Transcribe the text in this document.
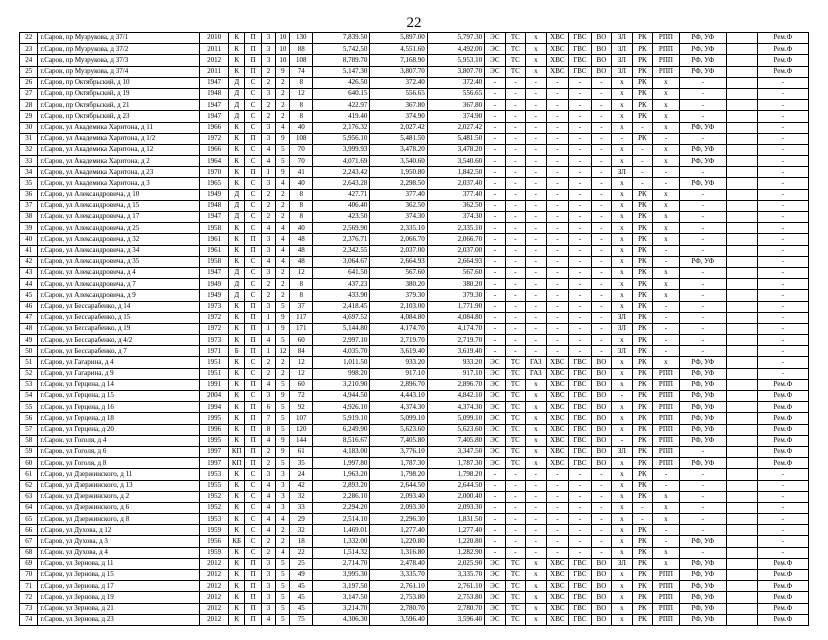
22
22	г.Саров, пр Музрукова, д 37/1	2010	К	П	3	10	130	7,839.50	5,897.00	5,797.30	ЭС	ТС	х	ХВС	ГВС	ВО	ЗЛ	РК	РПП	РФ, УФ		Рем.Ф
23	г.Саров, пр Музрукова, д 37/2	2011	К	П	3	10	88	5,742.50	4,551.60	4,492.00	ЭС	ТС	х	ХВС	ГВС	ВО	ЗЛ	РК	РПП	РФ, УФ		Рем.Ф
24	г.Саров, пр Музрукова, д 37/3	2012	К	П	3	10	108	8,789.70	7,168.90	5,953.10	ЭС	ТС	х	ХВС	ГВС	ВО	ЗЛ	РК	РПП	РФ, УФ		Рем.Ф
25	г.Саров, пр Музрукова, д 37/4	2011	К	П	2	9	74	5,147.30	3,807.70	3,807.70	ЭС	ТС	х	ХВС	ГВС	ВО	ЗЛ	РК	РПП	РФ, УФ		Рем.Ф
26	г.Саров, пр Октябрьский, д 10	1947	Д	С	2	2	8	426.50	372.40	372.40	-	-	-	-	-	-	х	РК	х	-		-
27	г.Саров, пр Октябрьский, д 19	1948	Д	С	3	2	12	640.15	556.65	556.65	-	-	-	-	-	-	х	РК	х	-		-
28	г.Саров, пр Октябрьский, д 21	1947	Д	С	2	2	8	422.97	367.80	367.80	-	-	-	-	-	-	х	РК	х	-		-
29	г.Саров, пр Октябрьский, д 23	1947	Д	С	2	2	8	419.40	374.90	374.90	-	-	-	-	-	-	х	РК	х	-		-
30	г.Саров, ул Академика Харитона, д 11	1966	К	С	3	4	40	2,176.32	2,027.42	2,027.42	-	-	-	-	-	-	х	-	х	РФ, УФ		-
31	г.Саров, ул Академика Харитона, д 1/2	1972	К	П	3	9	108	5,956.10	5,481.50	5,481.50	-	-	-	-	-	-	-	РК	-	-		-
32	г.Саров, ул Академика Харитона, д 12	1966	К	С	4	5	70	3,999.93	3,478.20	3,478.20	-	-	-	-	-	-	х	-	х	РФ, УФ		-
33	г.Саров, ул Академика Харитона, д 2	1964	К	С	4	5	70	4,071.69	3,540.60	3,540.60	-	-	-	-	-	-	х	-	х	РФ, УФ		-
34	г.Саров, ул Академика Харитона, д 23	1970	К	П	1	9	41	2,243.42	1,950.80	1,842.50	-	-	-	-	-	-	ЗЛ	-	-	-		-
35	г.Саров, ул Академика Харитона, д 3	1965	К	С	3	4	40	2,643.28	2,298.50	2,037.40	-	-	-	-	-	-	х	-	-	РФ, УФ		-
36	г.Саров, ул Александровича, д 10	1949	Д	С	2	2	8	427.71	377.40	377.40	-	-	-	-	-	-	х	РК	х	-		-
37	г.Саров, ул Александровича, д 15	1948	Д	С	2	2	8	406.40	362.50	362.50	-	-	-	-	-	-	х	РК	х	-		-
38	г.Саров, ул Александровича, д 17	1947	Д	С	2	2	8	423.50	374.30	374.30	-	-	-	-	-	-	х	РК	х	-		-
39	г.Саров, ул Александровича, д 25	1958	К	С	4	4	40	2,569.90	2,335.10	2,335.10	-	-	-	-	-	-	х	РК	х	-		-
40	г.Саров, ул Александровича, д 32	1961	К	П	3	4	48	2,376.71	2,066.70	2,066.70	-	-	-	-	-	-	х	РК	х	-		-
41	г.Саров, ул Александровича, д 34	1961	К	П	3	4	48	2,342.55	2,037.00	2,037.00	-	-	-	-	-	-	х	РК	-	-		-
42	г.Саров, ул Александровича, д 35	1958	К	С	4	4	48	3,064.67	2,664.93	2,664.93	-	-	-	-	-	-	х	РК	-	РФ, УФ		-
43	г.Саров, ул Александровича, д 4	1947	Д	С	3	2	12	641.50	567.60	567.60	-	-	-	-	-	-	х	РК	х	-		-
44	г.Саров, ул Александровича, д 7	1949	Д	С	2	2	8	437.23	380.20	380.20	-	-	-	-	-	-	х	РК	х	-		-
45	г.Саров, ул Александровича, д 9	1949	Д	С	2	2	8	433.90	379.30	379.30	-	-	-	-	-	-	х	РК	х	-		-
46	г.Саров, ул Бессарабенко, д 14	1973	К	П	3	5	37	2,418.45	2,103.00	1,771.90	-	-	-	-	-	-	х	РК	-	-		-
47	г.Саров, ул Бессарабенко, д 15	1972	К	П	1	9	117	4,697.52	4,084.80	4,084.80	-	-	-	-	-	-	ЗЛ	РК	-	-		-
48	г.Саров, ул Бессарабенко, д 19	1972	К	П	1	9	171	5,144.80	4,174.70	4,174.70	-	-	-	-	-	-	ЗЛ	РК	-	-		-
49	г.Саров, ул Бессарабенко, д 4/2	1973	К	П	4	5	60	2,997.10	2,719.70	2,719.70	-	-	-	-	-	-	х	РК	-	-		-
50	г.Саров, ул Бессарабенко, д 7	1971	Б	П	1	12	84	4,035.70	3,619.40	3,619.40	-	-	-	-	-	-	ЗЛ	РК	-	-		-
51	г.Саров, ул Гагарина, д 4	1951	К	С	2	2	12	1,011.50	933.20	933.20	ЭС	ТС	ГАЗ	ХВС	ГВС	ВО	х	РК	х	РФ, УФ		-
52	г.Саров, ул Гагарина, д 9	1951	К	С	2	2	12	998.20	917.10	917.10	ЭС	ТС	ГАЗ	ХВС	ГВС	ВО	х	РК	РПП	РФ, УФ		-
53	г.Саров, ул Герцена, д 14	1991	К	П	4	5	60	3,210.90	2,896.70	2,896.70	ЭС	ТС	х	ХВС	ГВС	ВО	х	РК	РПП	РФ, УФ		Рем.Ф
54	г.Саров, ул Герцена, д 15	2004	К	С	3	9	72	4,944.50	4,443.10	4,842.10	ЭС	ТС	х	ХВС	ГВС	ВО	-	РК	РПП	РФ, УФ		Рем.Ф
55	г.Саров, ул Герцена, д 16	1994	К	П	6	5	92	4,926.10	4,374.30	4,374.30	ЭС	ТС	х	ХВС	ГВС	ВО	х	РК	РПП	РФ, УФ		Рем.Ф
56	г.Саров, ул Герцена, д 18	1995	К	П	7	5	107	5,919.10	5,099.10	5,099.10	ЭС	ТС	х	ХВС	ГВС	ВО	х	РК	РПП	РФ, УФ		Рем.Ф
57	г.Саров, ул Герцена, д 20	1996	К	П	8	5	120	6,249.90	5,623.60	5,623.60	ЭС	ТС	х	ХВС	ГВС	ВО	х	РК	РПП	РФ, УФ		Рем.Ф
58	г.Саров, ул Гоголя, д 4	1995	К	П	4	9	144	8,516.67	7,405.80	7,405.80	ЭС	ТС	х	ХВС	ГВС	ВО	-	РК	РПП	РФ, УФ		Рем.Ф
59	г.Саров, ул Гоголя, д 6	1997	КП	П	2	9	61	4,183.00	3,776.10	3,347.50	ЭС	ТС	х	ХВС	ГВС	ВО	ЗЛ	РК	РПП	-		Рем.Ф
60	г.Саров, ул Гоголя, д 8	1997	КП	П	2	5	35	1,997.80	1,787.30	1,787.30	ЭС	ТС	х	ХВС	ГВС	ВО	х	РК	РПП	РФ, УФ		Рем.Ф
61	г.Саров, ул Дзержинского, д 11	1953	К	С	3	3	24	1,963.20	1,798.20	1,798.20	-	-	-	-	-	-	х	РК	-	-		-
62	г.Саров, ул Дзержинского, д 13	1955	К	С	4	3	42	2,893.20	2,644.50	2,644.50	-	-	-	-	-	-	х	РК	-	-		-
63	г.Саров, ул Дзержинского, д 2	1952	К	С	4	3	32	2,286.10	2,093.40	2,000.40	-	-	-	-	-	-	х	РК	х	-		-
64	г.Саров, ул Дзержинского, д 6	1952	К	С	4	3	33	2,294.20	2,093.30	2,093.30	-	-	-	-	-	-	х	-	х	-		-
65	г.Саров, ул Дзержинского, д 8	1953	К	С	4	4	29	2,514.10	2,296.30	1,831.50	-	-	-	-	-	-	х	-	х	-		-
66	г.Саров, ул Духова, д 12	1959	К	С	4	2	32	1,469.01	1,277.40	1,277.40	-	-	-	-	-	-	х	РК	-	-		-
67	г.Саров, ул Духова, д 3	1956	КБ	С	2	2	18	1,332.00	1,220.80	1,220.80	-	-	-	-	-	-	х	РК	-	РФ, УФ		-
68	г.Саров, ул Духова, д 4	1959	К	С	2	4	22	1,514.32	1,316.80	1,282.90	-	-	-	-	-	-	х	РК	х	-		-
69	г.Саров, ул Зернова, д 11	2012	К	П	3	5	25	2,714.70	2,478.40	2,025.90	ЭС	ТС	х	ХВС	ГВС	ВО	ЗЛ	РК	х	РФ, УФ		Рем.Ф
70	г.Саров, ул Зернова, д 15	2012	К	П	3	5	49	3,995.30	3,335.70	3,335.70	ЭС	ТС	х	ХВС	ГВС	ВО	х	РК	РПП	РФ, УФ		Рем.Ф
71	г.Саров, ул Зернова, д 17	2012	К	П	3	5	45	3,197.50	2,761.10	2,761.10	ЭС	ТС	х	ХВС	ГВС	ВО	х	РК	РПП	РФ, УФ		Рем.Ф
72	г.Саров, ул Зернова, д 19	2012	К	П	3	5	45	3,147.50	2,753.80	2,753.80	ЭС	ТС	х	ХВС	ГВС	ВО	х	РК	РПП	РФ, УФ		Рем.Ф
73	г.Саров, ул Зернова, д 21	2012	К	П	3	5	45	3,214.70	2,780.70	2,780.70	ЭС	ТС	х	ХВС	ГВС	ВО	х	РК	РПП	РФ, УФ		Рем.Ф
74	г.Саров, ул Зернова, д 23	2012	К	П	4	5	75	4,306.30	3,596.40	3,596.40	ЭС	ТС	х	ХВС	ГВС	ВО	х	РК	РПП	РФ, УФ		Рем.Ф
